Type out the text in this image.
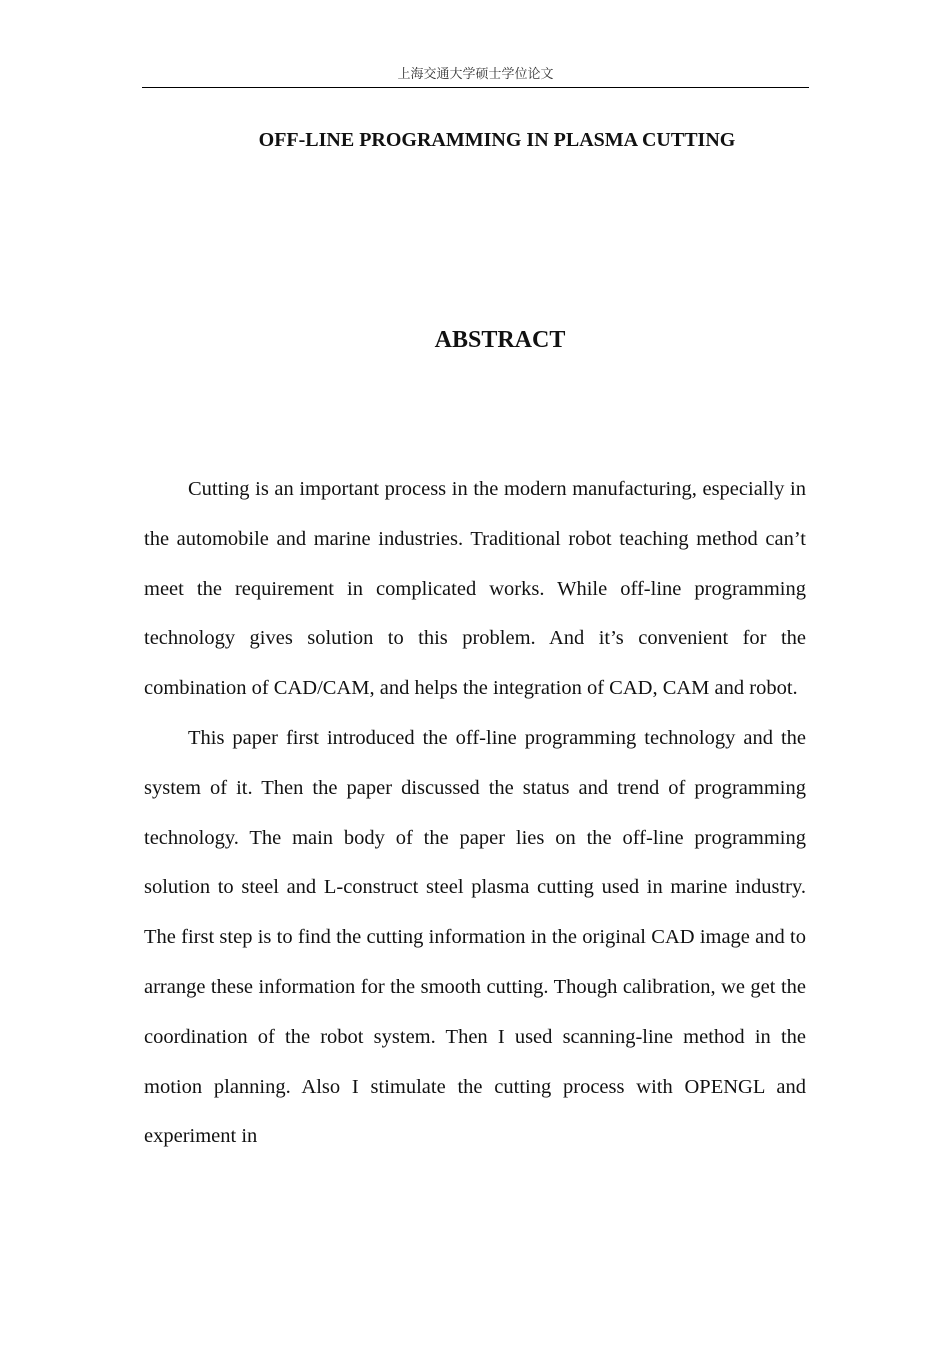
上海交通大学硕士学位论文
OFF-LINE PROGRAMMING IN PLASMA CUTTING
ABSTRACT

Cutting is an important process in the modern manufacturing, especially in the automobile and marine industries. Traditional robot teaching method can’t meet the requirement in complicated works. While off-line programming technology gives solution to this problem. And it’s convenient for the combination of CAD/CAM, and helps the integration of CAD, CAM and robot.

This paper first introduced the off-line programming technology and the system of it. Then the paper discussed the status and trend of programming technology. The main body of the paper lies on the off-line programming solution to steel and L-construct steel plasma cutting used in marine industry. The first step is to find the cutting information in the original CAD image and to arrange these information for the smooth cutting. Though calibration, we get the coordination of the robot system. Then I used scanning-line method in the motion planning. Also I stimulate the cutting process with OPENGL and experiment in
